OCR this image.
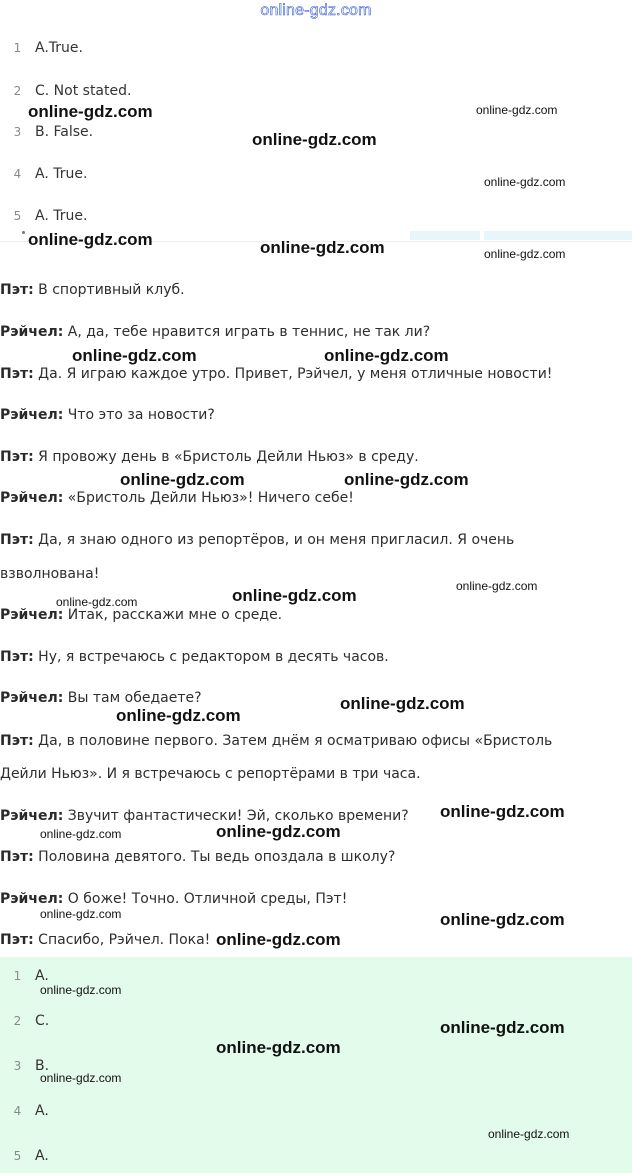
online-gdz.com
1 A.True.
2 C. Not stated.
3 B. False.
4 A. True.
5 A. True.
Пэт: В спортивный клуб.
Рэйчел: А, да, тебе нравится играть в теннис, не так ли?
Пэт: Да. Я играю каждое утро. Привет, Рэйчел, у меня отличные новости!
Рэйчел: Что это за новости?
Пэт: Я провожу день в «Бристоль Дейли Ньюз» в среду.
Рэйчел: «Бристоль Дейли Ньюз»! Ничего себе!
Пэт: Да, я знаю одного из репортёров, и он меня пригласил. Я очень
взволнована!
Рэйчел: Итак, расскажи мне о среде.
Пэт: Ну, я встречаюсь с редактором в десять часов.
Рэйчел: Вы там обедаете?
Пэт: Да, в половине первого. Затем днём я осматриваю офисы «Бристоль
Дейли Ньюз». И я встречаюсь с репортёрами в три часа.
Рэйчел: Звучит фантастически! Эй, сколько времени?
Пэт: Половина девятого. Ты ведь опоздала в школу?
Рэйчел: О боже! Точно. Отличной среды, Пэт!
Пэт: Спасибо, Рэйчел. Пока!
1 A.
2 C.
3 B.
4 A.
5 A.
online-gdz.com	online-gdz.com
online-gdz.com
online-gdz.com
online-gdz.com	online-gdz.com	online-gdz.com
online-gdz.com	online-gdz.com
online-gdz.com	online-gdz.com
online-gdz.com
online-gdz.com	online-gdz.com
online-gdz.com
online-gdz.com
online-gdz.com
online-gdz.com	online-gdz.com
online-gdz.com	online-gdz.com
online-gdz.com
online-gdz.com
online-gdz.com
online-gdz.com
online-gdz.com
online-gdz.com
